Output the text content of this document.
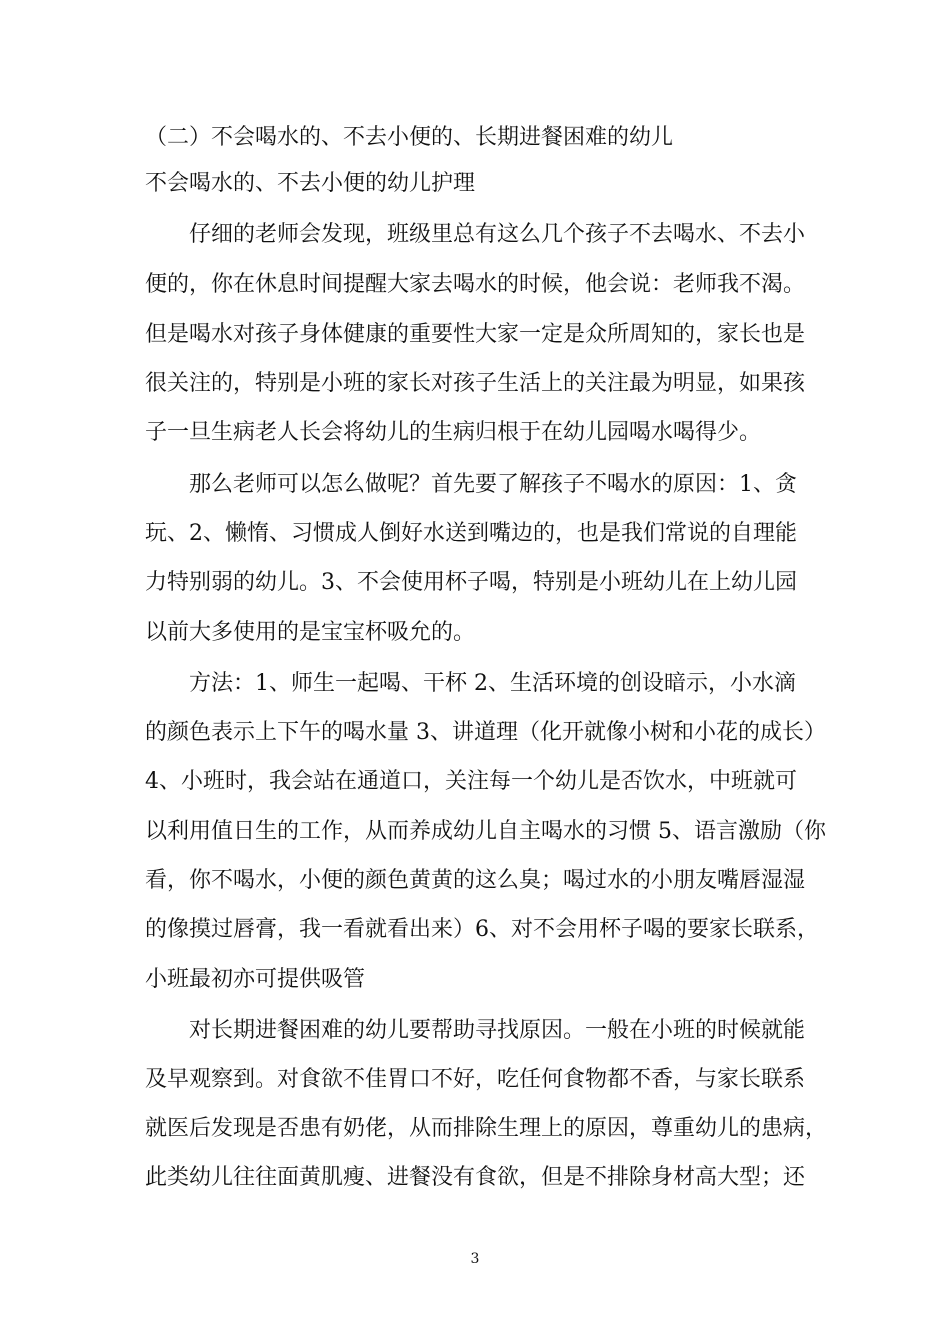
（二）不会喝水的、不去小便的、长期进餐困难的幼儿
不会喝水的、不去小便的幼儿护理
仔细的老师会发现，班级里总有这么几个孩子不去喝水、不去小
便的，你在休息时间提醒大家去喝水的时候，他会说：老师我不渴。
但是喝水对孩子身体健康的重要性大家一定是众所周知的，家长也是
很关注的，特别是小班的家长对孩子生活上的关注最为明显，如果孩
子一旦生病老人长会将幼儿的生病归根于在幼儿园喝水喝得少。
那么老师可以怎么做呢？首先要了解孩子不喝水的原因：1、贪
玩、2、懒惰、习惯成人倒好水送到嘴边的，也是我们常说的自理能
力特别弱的幼儿。3、不会使用杯子喝，特别是小班幼儿在上幼儿园
以前大多使用的是宝宝杯吸允的。
方法：1、师生一起喝、干杯 2、生活环境的创设暗示，小水滴
的颜色表示上下午的喝水量 3、讲道理（化开就像小树和小花的成长）
4、小班时，我会站在通道口，关注每一个幼儿是否饮水，中班就可
以利用值日生的工作，从而养成幼儿自主喝水的习惯 5、语言激励（你
看，你不喝水，小便的颜色黄黄的这么臭；喝过水的小朋友嘴唇湿湿
的像摸过唇膏，我一看就看出来）6、对不会用杯子喝的要家长联系，
小班最初亦可提供吸管
对长期进餐困难的幼儿要帮助寻找原因。一般在小班的时候就能
及早观察到。对食欲不佳胃口不好，吃任何食物都不香，与家长联系
就医后发现是否患有奶佬，从而排除生理上的原因，尊重幼儿的患病，
此类幼儿往往面黄肌瘦、进餐没有食欲，但是不排除身材高大型；还
3
